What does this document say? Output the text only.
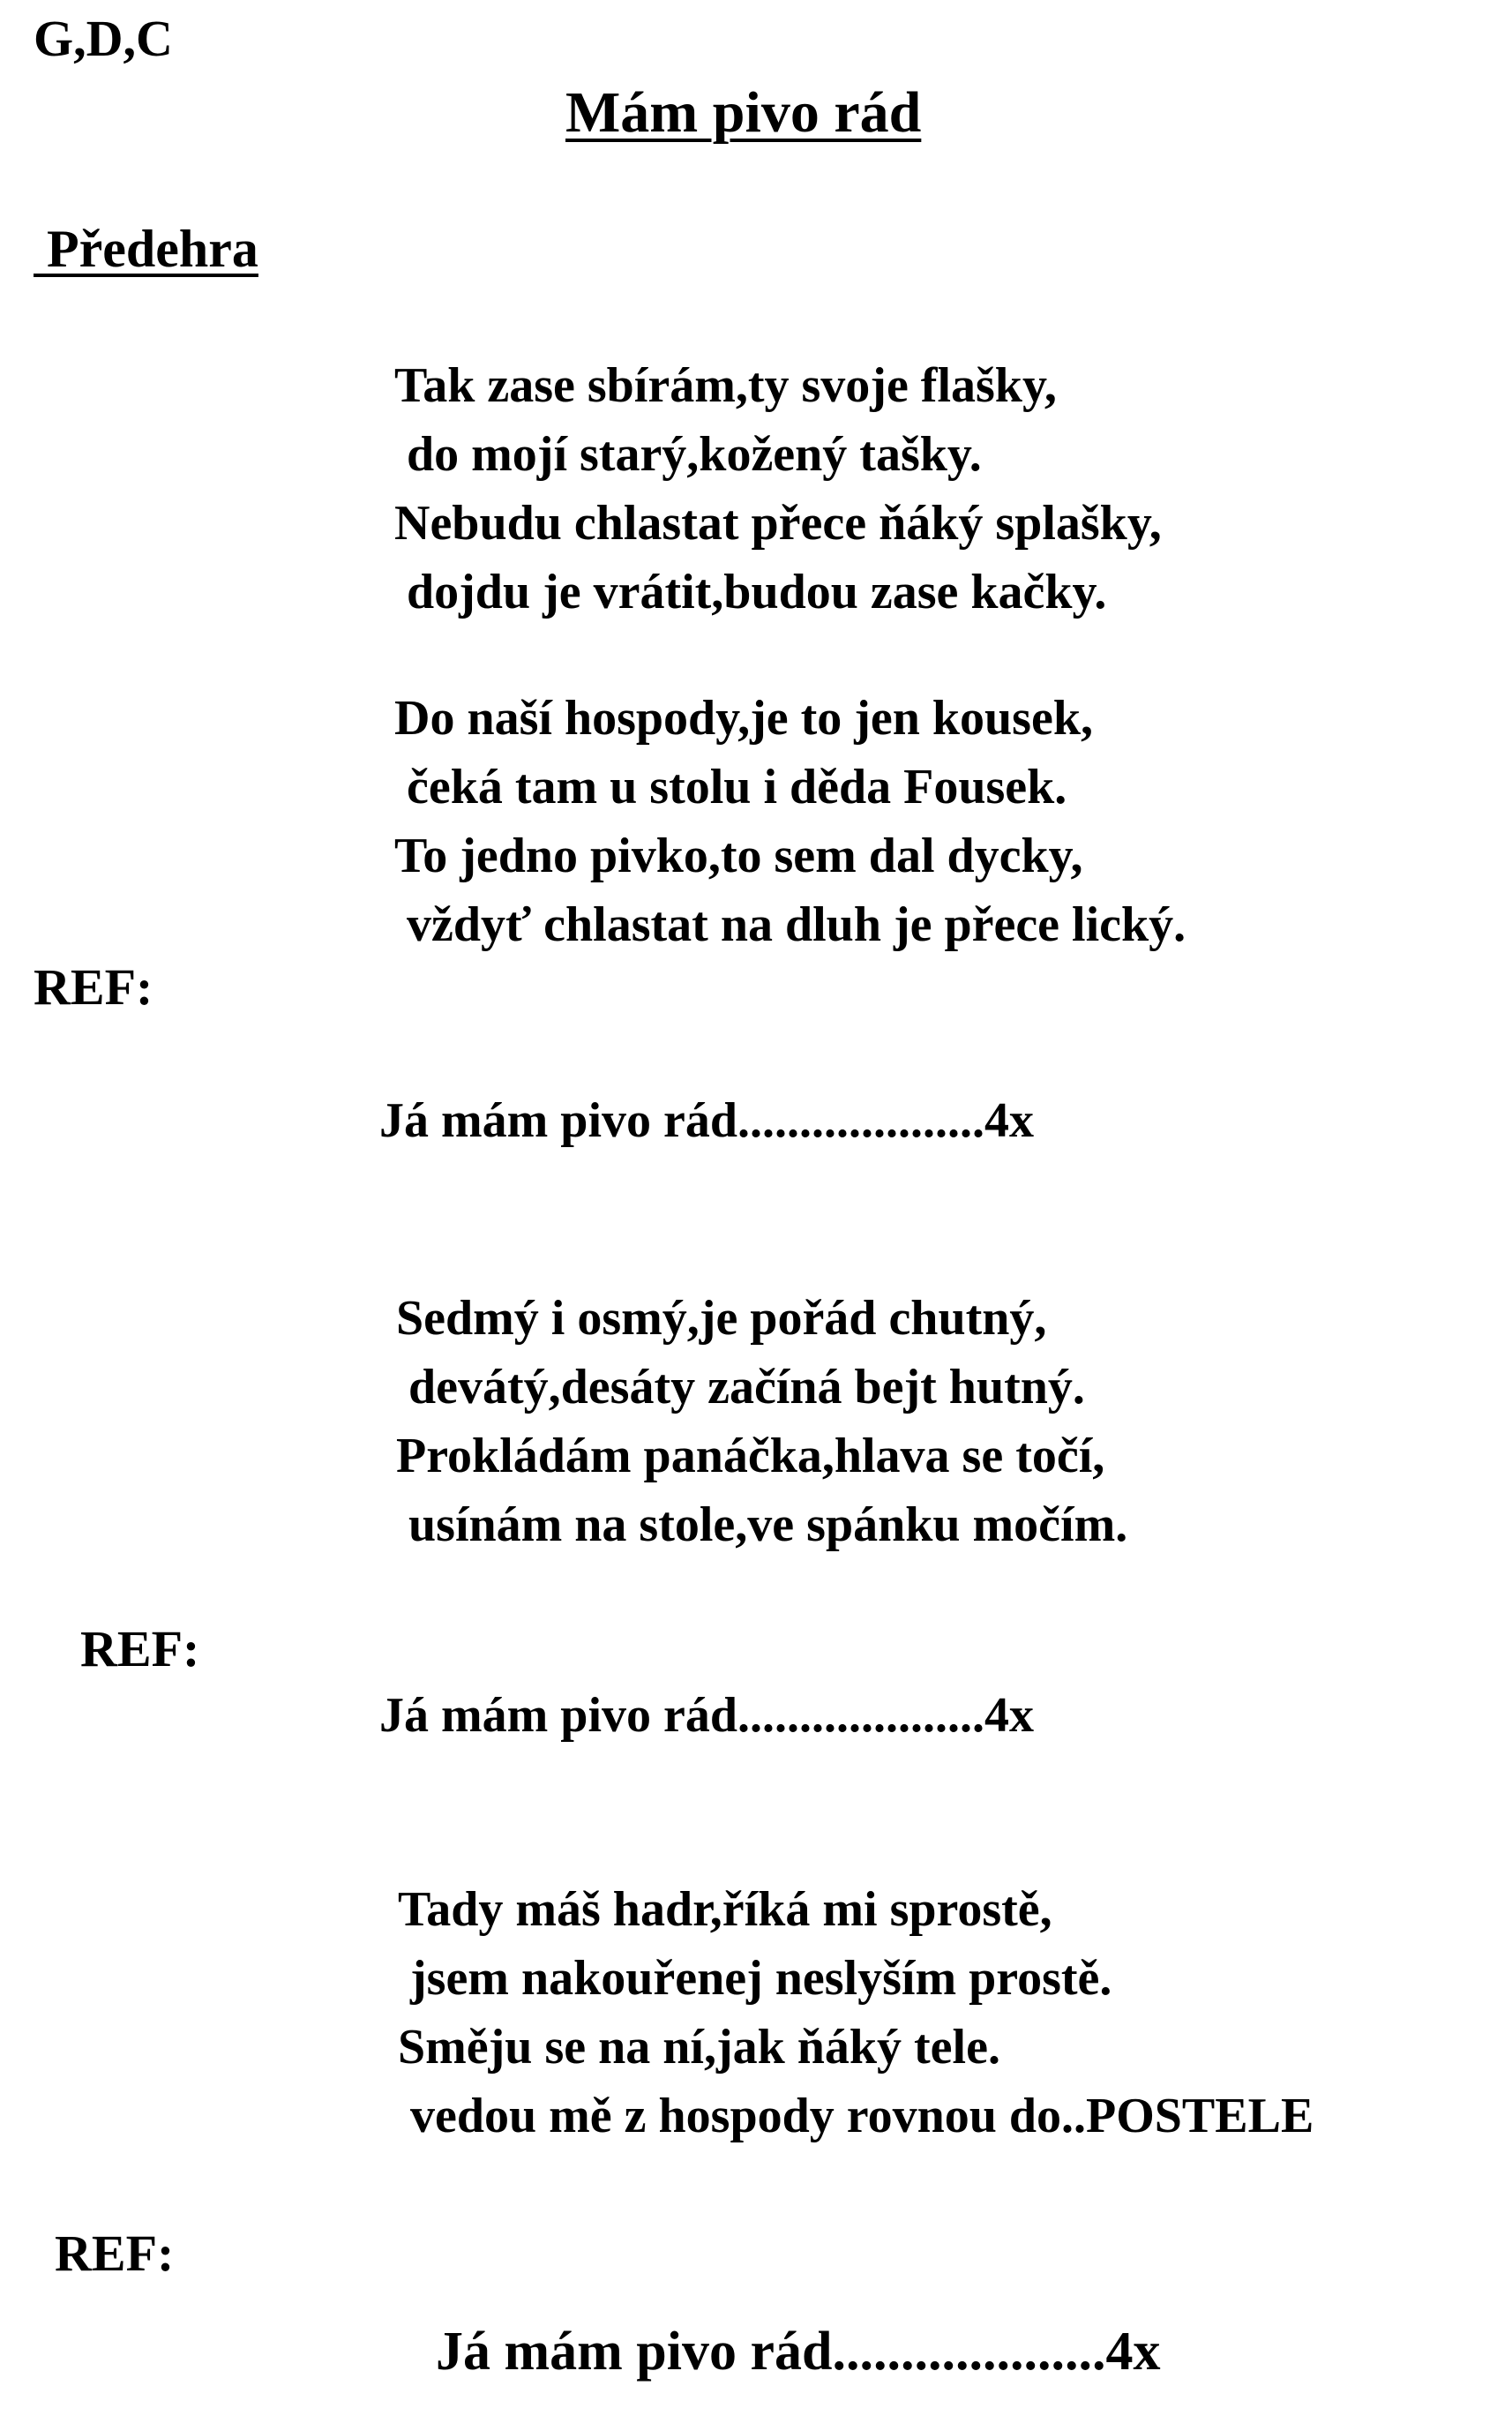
G,D,C
Mám pivo rád
Předehra
Tak zase sbírám,ty svoje flašky,
do mojí starý,kožený tašky.
Nebudu chlastat přece ňáký splašky,
dojdu je vrátit,budou zase kačky.
Do naší hospody,je to jen kousek,
čeká tam u stolu i děda Fousek.
To jedno pivko,to sem dal dycky,
vždyť chlastat na dluh je přece lický.
REF:
Já mám pivo rád....................4x
Sedmý i osmý,je pořád chutný,
devátý,desáty začíná bejt hutný.
Prokládám panáčka,hlava se točí,
usínám na stole,ve spánku močím.
REF:
Já mám pivo rád....................4x
Tady máš hadr,říká mi sprostě,
jsem nakouřenej neslyším prostě.
Směju se na ní,jak ňáký tele.
vedou mě z hospody rovnou do..POSTELE
REF:
Já mám pivo rád....................4x
